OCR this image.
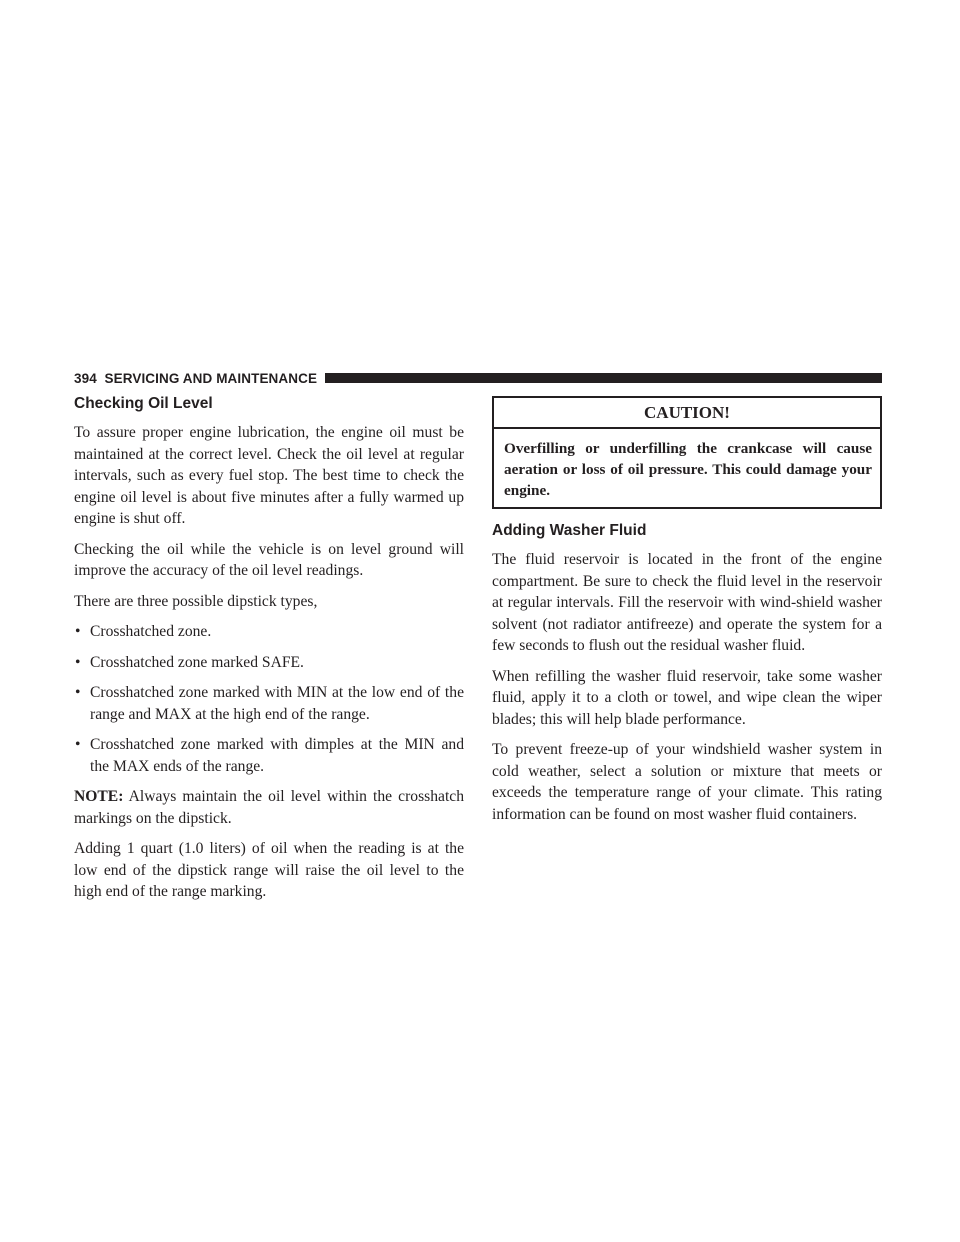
394 SERVICING AND MAINTENANCE
Checking Oil Level

To assure proper engine lubrication, the engine oil must be maintained at the correct level. Check the oil level at regular intervals, such as every fuel stop. The best time to check the engine oil level is about five minutes after a fully warmed up engine is shut off.

Checking the oil while the vehicle is on level ground will improve the accuracy of the oil level readings.

There are three possible dipstick types,

• Crosshatched zone.
• Crosshatched zone marked SAFE.
• Crosshatched zone marked with MIN at the low end of the range and MAX at the high end of the range.
• Crosshatched zone marked with dimples at the MIN and the MAX ends of the range.

NOTE: Always maintain the oil level within the crosshatch markings on the dipstick.

Adding 1 quart (1.0 liters) of oil when the reading is at the low end of the dipstick range will raise the oil level to the high end of the range marking.

CAUTION!
Overfilling or underfilling the crankcase will cause aeration or loss of oil pressure. This could damage your engine.
Adding Washer Fluid

The fluid reservoir is located in the front of the engine compartment. Be sure to check the fluid level in the reservoir at regular intervals. Fill the reservoir with wind-shield washer solvent (not radiator antifreeze) and operate the system for a few seconds to flush out the residual washer fluid.

When refilling the washer fluid reservoir, take some washer fluid, apply it to a cloth or towel, and wipe clean the wiper blades; this will help blade performance.

To prevent freeze-up of your windshield washer system in cold weather, select a solution or mixture that meets or exceeds the temperature range of your climate. This rating information can be found on most washer fluid containers.
